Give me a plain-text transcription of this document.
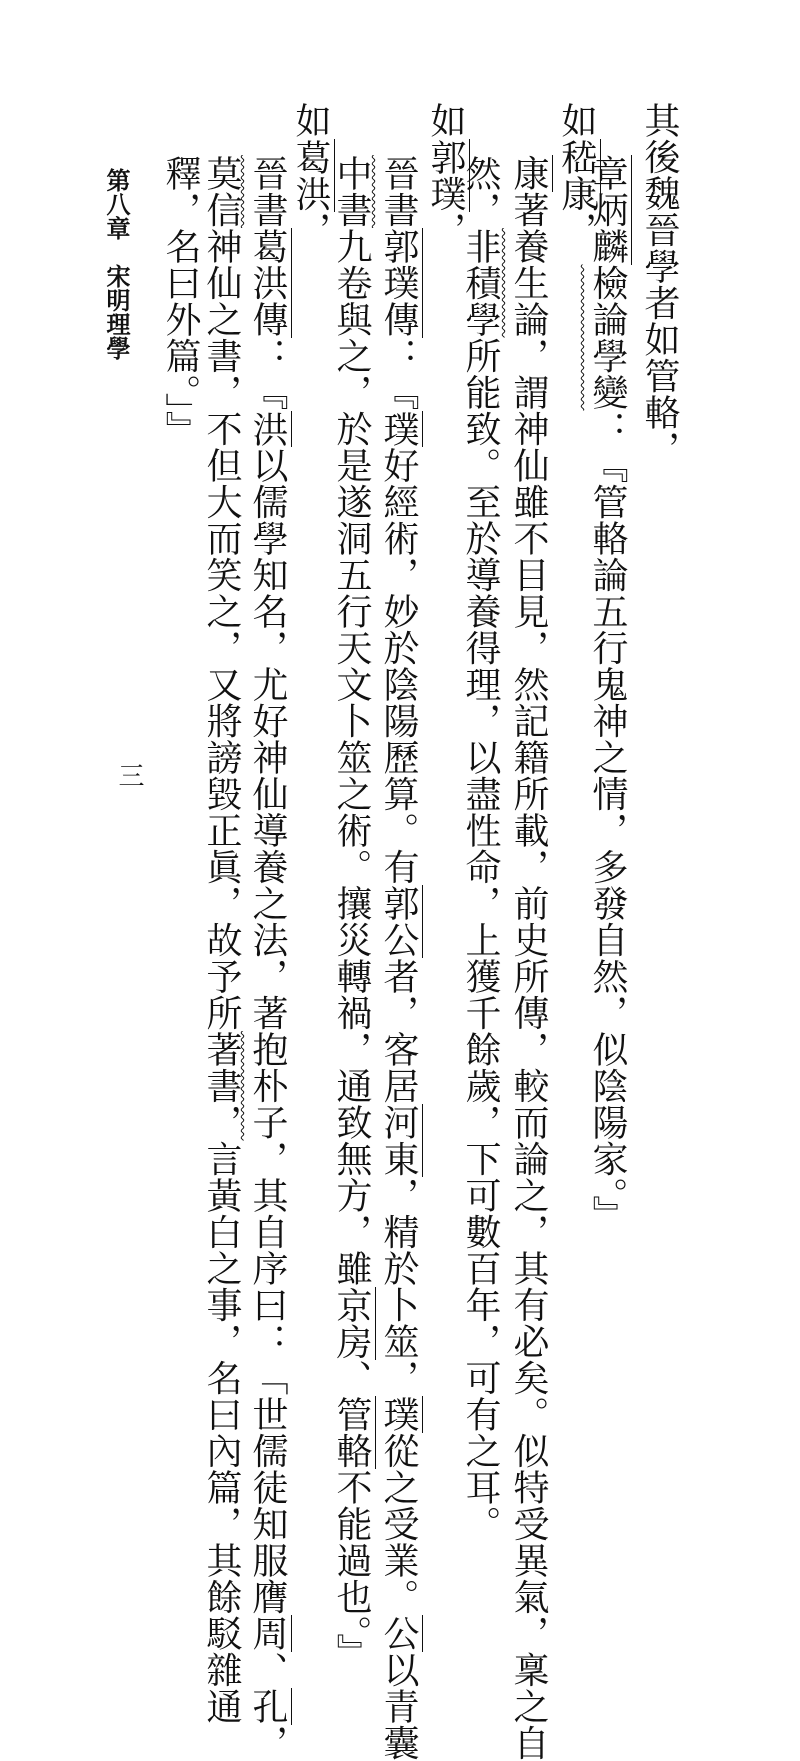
其後魏晉學者如管輅，
章炳麟檢論學變：『管輅論五行鬼神之情，多發自然，似陰陽家。』
如嵇康，
康著養生論，謂神仙雖不目見，然記籍所載，前史所傳，較而論之，其有必矣。似特受異氣，稟之自
然，非積學所能致。至於導養得理，以盡性命，上獲千餘歲，下可數百年，可有之耳。
如郭璞，
晉書郭璞傳：『璞好經術，妙於陰陽歷算。有郭公者，客居河東，精於卜筮，璞從之受業。公以青囊
中書九卷與之，於是遂洞五行天文卜筮之術。攘災轉禍，通致無方，雖京房、管輅不能過也。』
如葛洪，
晉書葛洪傳：『洪以儒學知名，尤好神仙導養之法，著抱朴子，其自序曰：「世儒徒知服膺周、孔，
莫信神仙之書，不但大而笑之，又將謗毀正眞，故予所著書，言黃白之事，名曰內篇，其餘駁雜通
釋，名曰外篇。」』
第八章　宋明理學
三
